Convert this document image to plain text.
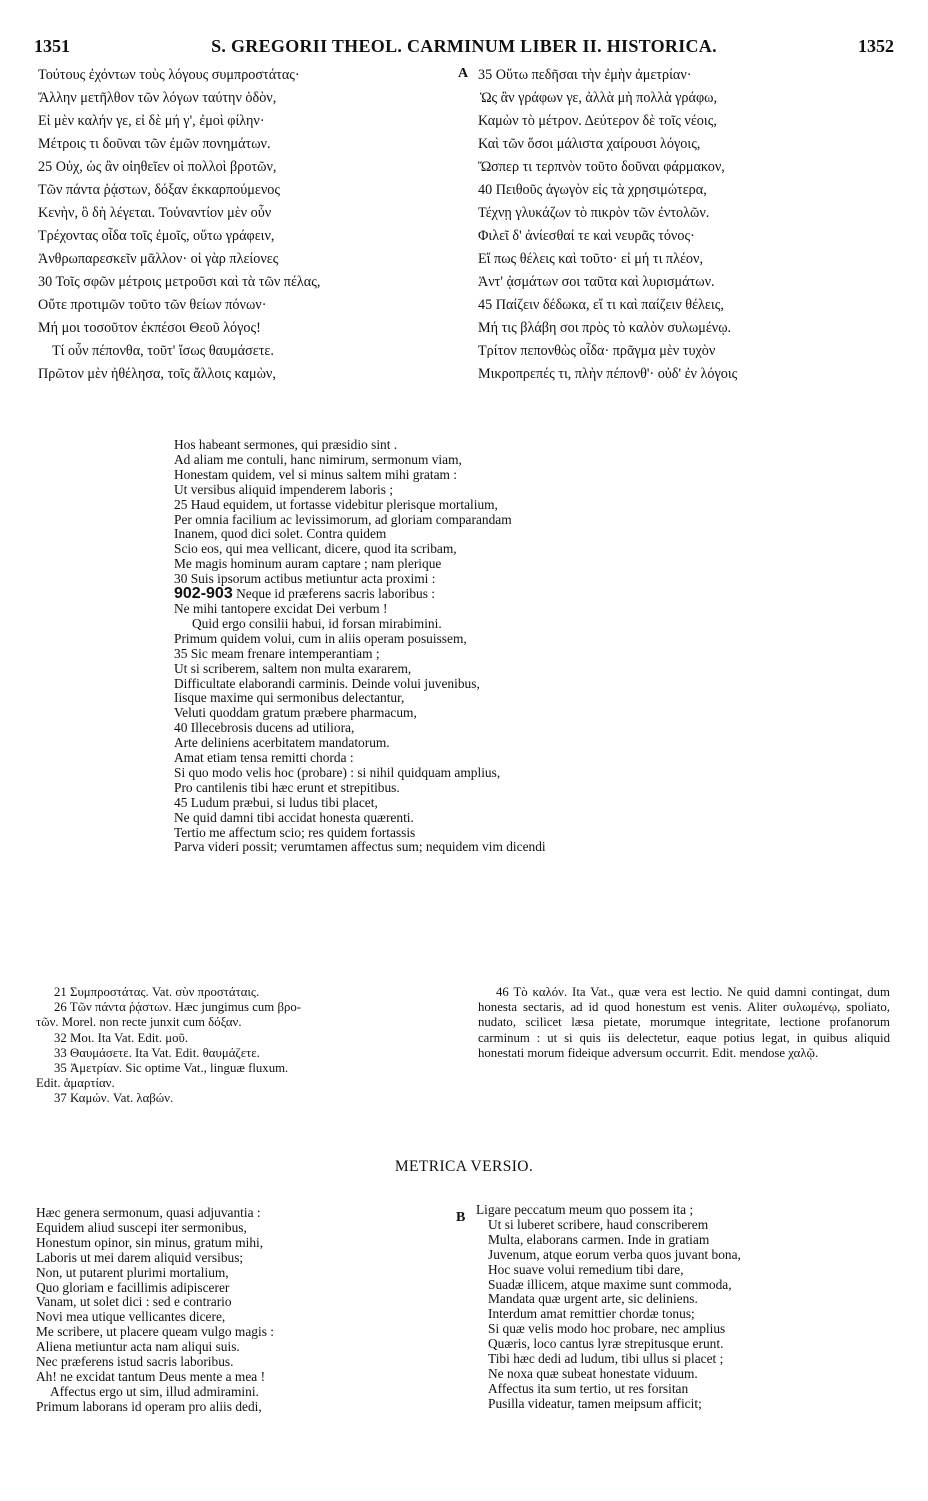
1351	S. GREGORII THEOL. CARMINUM LIBER II. HISTORICA.	1352
Τούτους ἐχόντων τοὺς λόγους συμπροστάτας·
Ἄλλην μετῆλθον τῶν λόγων ταύτην ὁδὸν,
Εἰ μὲν καλήν γε, εἰ δὲ μή γ', ἐμοὶ φίλην·
Μέτροις τι δοῦναι τῶν ἐμῶν πονημάτων.
25 Οὐχ, ὡς ἂν οἰηθεῖεν οἱ πολλοὶ βροτῶν,
Τῶν πάντα ῥᾴστων, δόξαν ἐκκαρπούμενος
Κενὴν, ὃ δὴ λέγεται. Τοὐναντίον μὲν οὖν
Τρέχοντας οἶδα τοῖς ἐμοῖς, οὕτω γράφειν,
Ἀνθρωπαρεσκεῖν μᾶλλον· οἱ γὰρ πλείονες
30 Τοῖς σφῶν μέτροις μετροῦσι καὶ τὰ τῶν πέλας,
Οὔτε προτιμῶν τοῦτο τῶν θείων πόνων·
Μή μοι τοσοῦτον ἐκπέσοι Θεοῦ λόγος!
Τί οὖν πέπονθα, τοῦτ' ἴσως θαυμάσετε.
Πρῶτον μὲν ἠθέλησα, τοῖς ἄλλοις καμὼν,
A 35 Οὕτω πεδῆσαι τὴν ἐμὴν ἀμετρίαν·
Ὡς ἂν γράφων γε, ἀλλὰ μὴ πολλὰ γράφω,
Καμὼν τὸ μέτρον. Δεύτερον δὲ τοῖς νέοις,
Καὶ τῶν ὅσοι μάλιστα χαίρουσι λόγοις,
Ὥσπερ τι τερπνὸν τοῦτο δοῦναι φάρμακον,
40 Πειθοῦς ἀγωγὸν εἰς τὰ χρησιμώτερα,
Τέχνῃ γλυκάζων τὸ πικρὸν τῶν ἐντολῶν.
Φιλεῖ δ' ἀνίεσθαί τε καὶ νευρᾶς τόνος·
Εἴ πως θέλεις καὶ τοῦτο· εἰ μή τι πλέον,
Ἀντ' ᾀσμάτων σοι ταῦτα καὶ λυρισμάτων.
45 Παίζειν δέδωκα, εἴ τι καὶ παίζειν θέλεις,
Μή τις βλάβη σοι πρὸς τὸ καλὸν συλωμένῳ.
Τρίτον πεπονθὼς οἶδα· πρᾶγμα μὲν τυχὸν
Μικροπρεπές τι, πλὴν πέπονθ'· οὐδ' ἐν λόγοις
Hos habeant sermones, qui præsidio sint .
Ad aliam me contuli, hanc nimirum, sermonum viam,
Honestam quidem, vel si minus saltem mihi gratam :
Ut versibus aliquid impenderem laboris ;
25 Haud equidem, ut fortasse videbitur plerisque mortalium,
Per omnia facilium ac levissimorum, ad gloriam comparandam
Inanem, quod dici solet. Contra quidem
Scio eos, qui mea vellicant, dicere, quod ita scribam,
Me magis hominum auram captare ; nam plerique
30 Suis ipsorum actibus metiuntur acta proximi :
902-903 Neque id præferens sacris laboribus :
Ne mihi tantopere excidat Dei verbum !
Quid ergo consilii habui, id forsan mirabimini.
Primum quidem volui, cum in aliis operam posuissem,
35 Sic meam frenare intemperantiam ;
Ut si scriberem, saltem non multa exararem,
Difficultate elaborandi carminis. Deinde volui juvenibus,
Iisque maxime qui sermonibus delectantur,
Veluti quoddam gratum præbere pharmacum,
40 Illecebrosis ducens ad utiliora,
Arte deliniens acerbitatem mandatorum.
Amat etiam tensa remitti chorda :
Si quo modo velis hoc (probare) : si nihil quidquam amplius,
Pro cantilenis tibi hæc erunt et strepitibus.
45 Ludum præbui, si ludus tibi placet,
Ne quid damni tibi accidat honesta quærenti.
Tertio me affectum scio; res quidem fortassis
Parva videri possit; verumtamen affectus sum; nequidem vim dicendi
21 Συμπροστάτας. Vat. σὺν προστάταις.
26 Τῶν πάντα ῥᾴστων. Hæc jungimus cum βρο-
τῶν. Morel. non recte junxit cum δόξαν.
32 Μοι. Ita Vat. Edit. μοῦ.
33 Θαυμάσετε. Ita Vat. Edit. θαυμάζετε.
35 Ἀμετρίαν. Sic optime Vat., linguæ fluxum.
Edit. ἁμαρτίαν.
37 Καμών. Vat. λαβών.
46 Τὸ καλόν. Ita Vat., quæ vera est lectio. Ne quid damni contingat, dum honesta sectaris, ad id quod honestum est venis. Aliter συλωμένῳ, spoliato, nudato, scilicet læsa pietate, morumque integritate, lectione profanorum carminum : ut si quis iis delectetur, eaque potius legat, in quibus aliquid honestati morum fideique adversum occurrit. Edit. mendose χαλῷ.
METRICA VERSIO.
Hæc genera sermonum, quasi adjuvantia :
Equidem aliud suscepi iter sermonibus,
Honestum opinor, sin minus, gratum mihi,
Laboris ut mei darem aliquid versibus;
Non, ut putarent plurimi mortalium,
Quo gloriam e facillimis adipiscerer
Vanam, ut solet dici : sed e contrario
Novi mea utique vellicantes dicere,
Me scribere, ut placere queam vulgo magis :
Aliena metiuntur acta nam aliqui suis.
Nec præferens istud sacris laboribus.
Ah! ne excidat tantum Deus mente a mea !
Affectus ergo ut sim, illud admiramini.
Primum laborans id operam pro aliis dedi,
B
Ligare peccatum meum quo possem ita ;
Ut si luberet scribere, haud conscriberem
Multa, elaborans carmen. Inde in gratiam
Juvenum, atque eorum verba quos juvant bona,
Hoc suave volui remedium tibi dare,
Suadæ illicem, atque maxime sunt commoda,
Mandata quæ urgent arte, sic deliniens.
Interdum amat remittier chordæ tonus;
Si quæ velis modo hoc probare, nec amplius
Quæris, loco cantus lyræ strepitusque erunt.
Tibi hæc dedi ad ludum, tibi ullus si placet ;
Ne noxa quæ subeat honestate viduum.
Affectus ita sum tertio, ut res forsitan
Pusilla videatur, tamen meipsum afficit;
